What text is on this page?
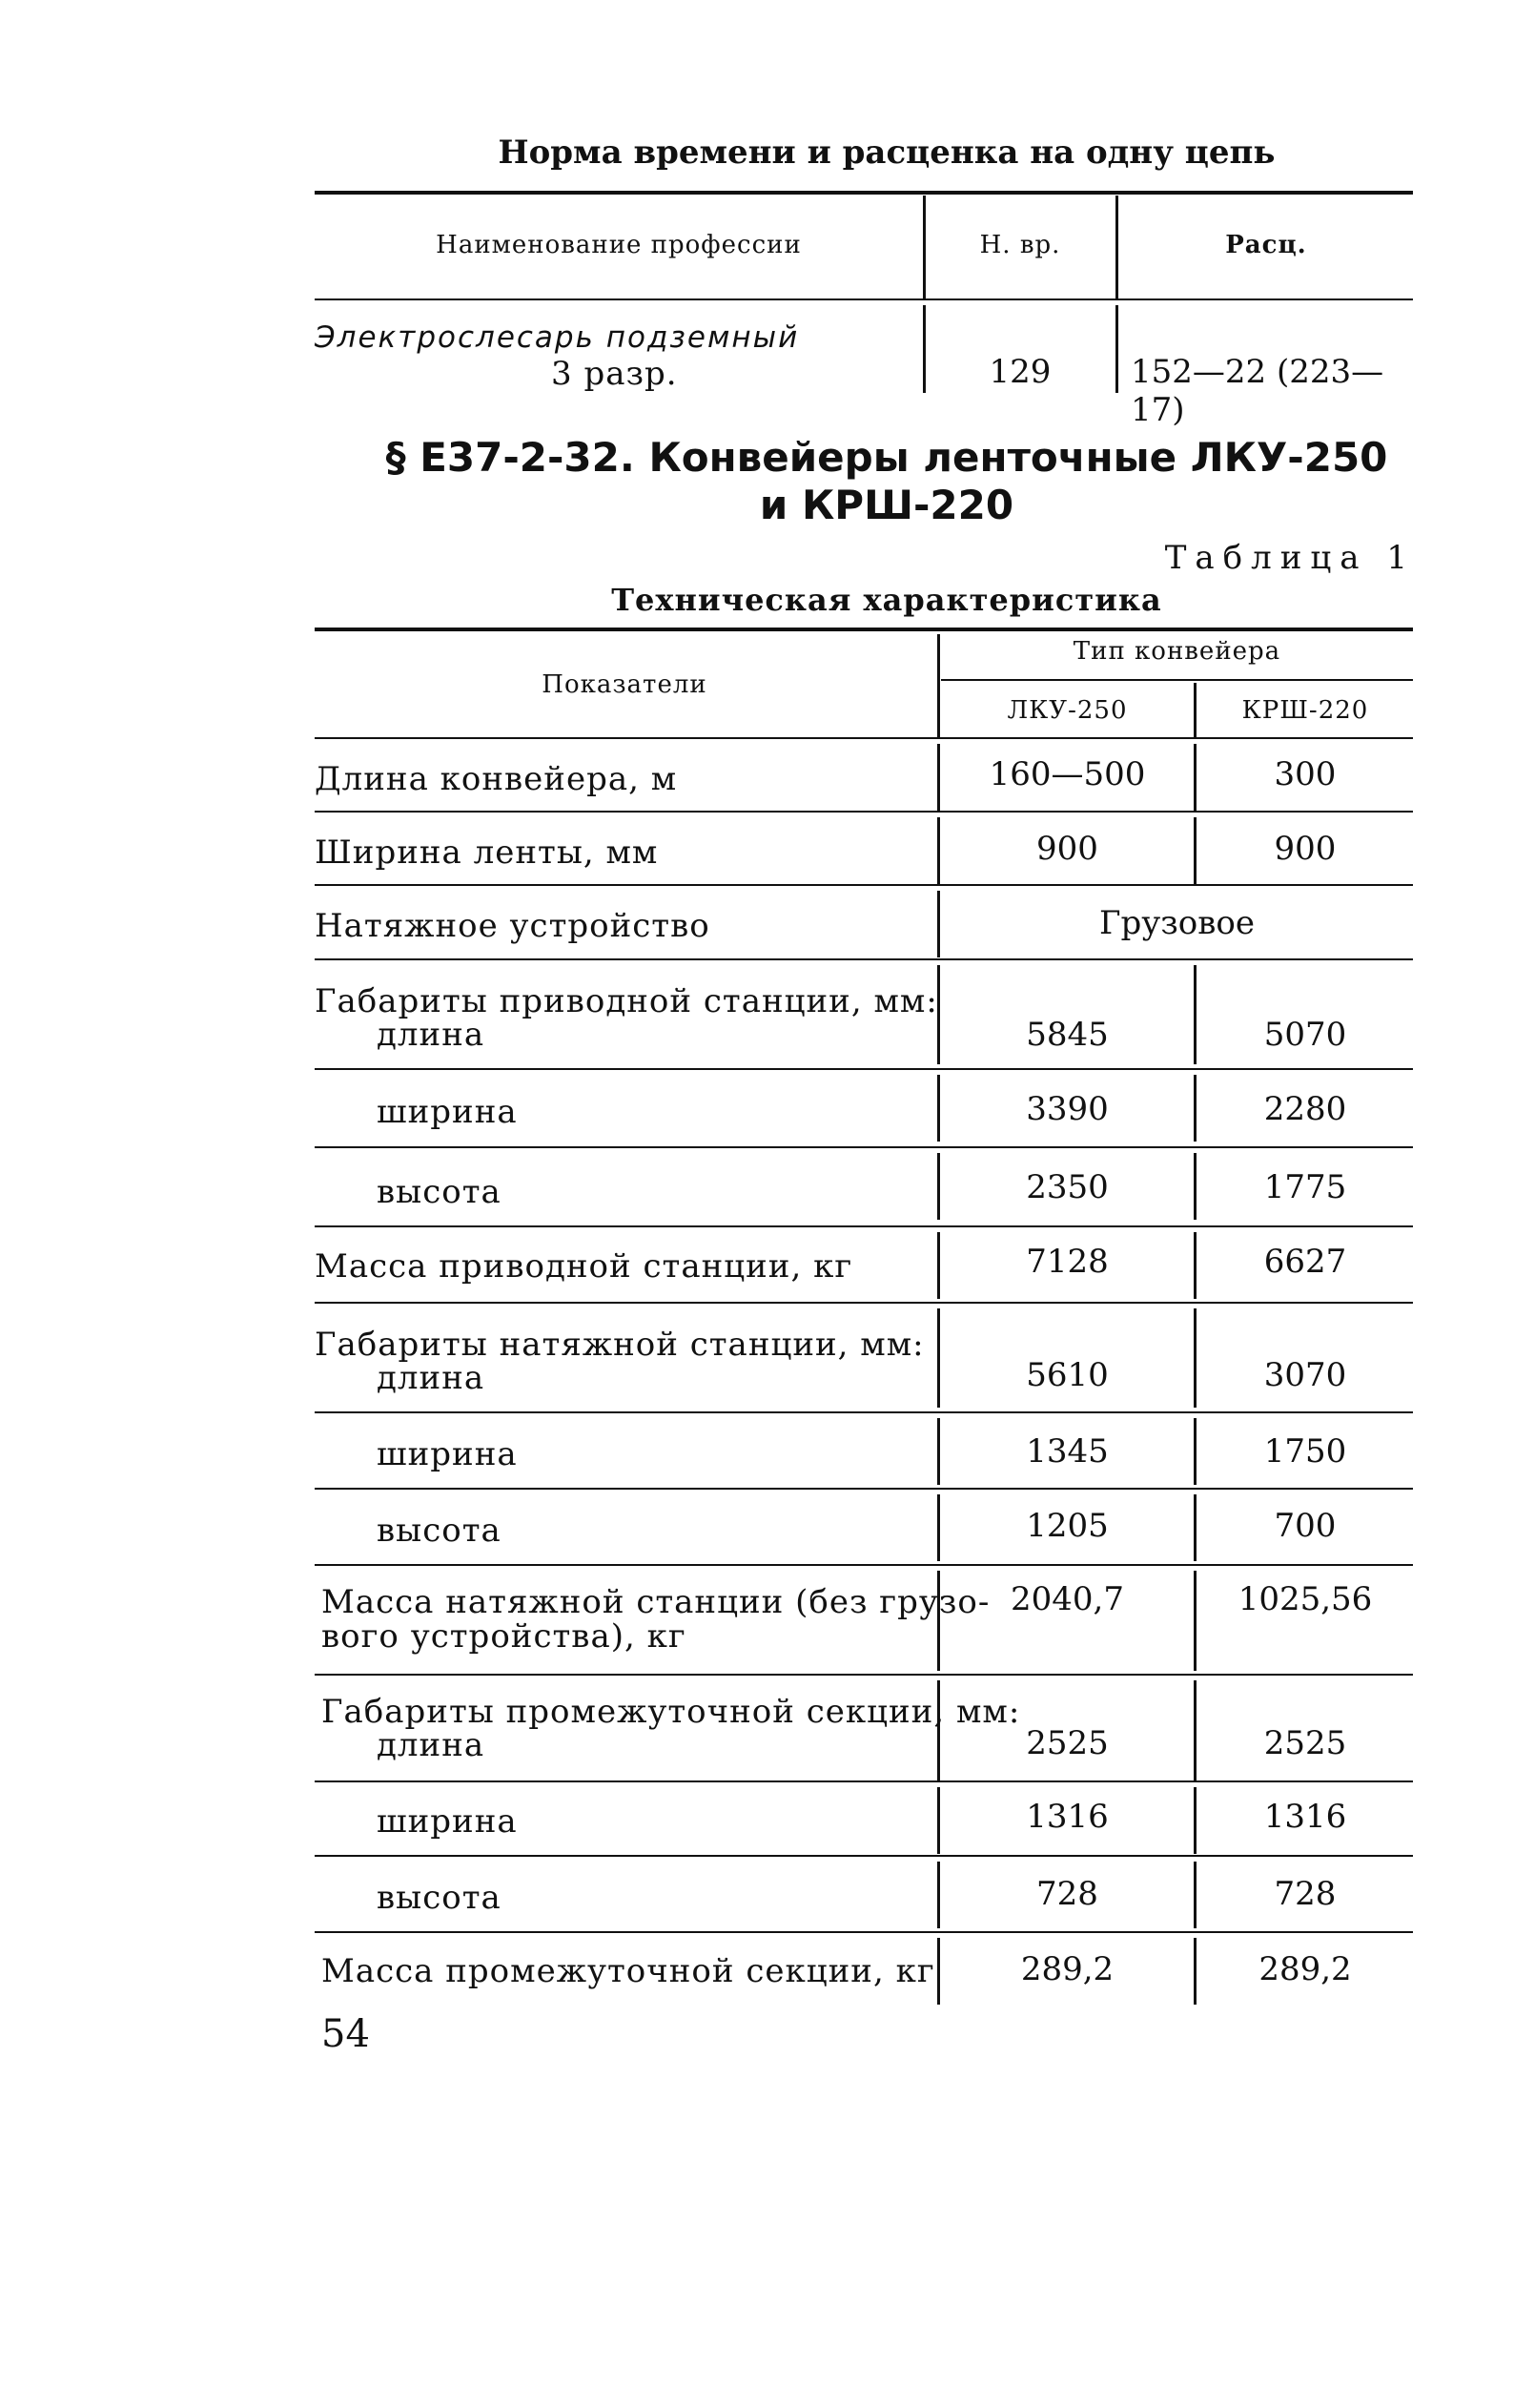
Норма времени и расценка на одну цепь
Наименование профессии	Н. вр.	Расц.
Электрослесарь подземный
3 разр.	129	152—22 (223—17)
§ Е37-2-32. Конвейеры ленточные ЛКУ-250
и КРШ-220
Таблица 1
Техническая характеристика
Показатели
Тип конвейера
ЛКУ-250	КРШ-220
Длина конвейера, м	160—500	300
Ширина ленты, мм	900	900
Натяжное устройство	Грузовое
Габариты приводной станции, мм:
длина	5845	5070
ширина	3390	2280
высота	2350	1775
Масса приводной станции, кг	7128	6627
Габариты натяжной станции, мм:
длина	5610	3070
ширина	1345	1750
высота	1205	700
Масса натяжной станции (без грузо-
вого устройства), кг
2040,7	1025,56
Габариты промежуточной секции, мм:
длина	2525	2525
ширина	1316	1316
высота	728	728
Масса промежуточной секции, кг	289,2	289,2
54
